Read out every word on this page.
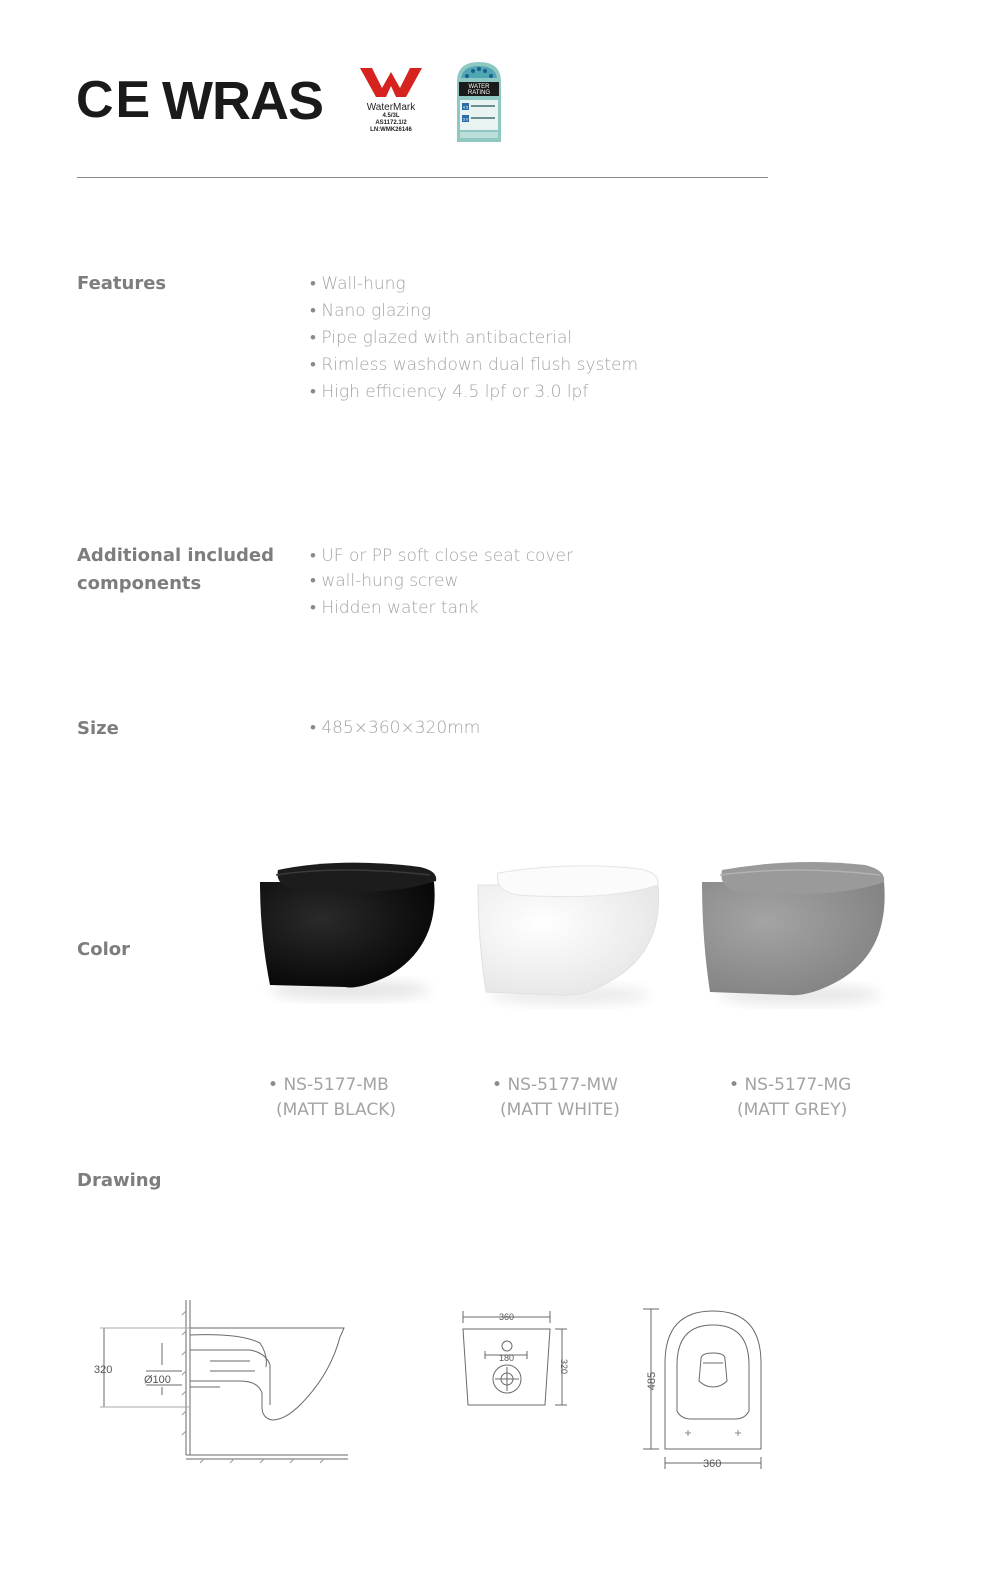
CE WRAS	WaterMark
4.5/3L
AS1172.1/2
LN:WMK26146
4.5
3.0
WATER
RATING
Features	• Wall-hung
• Nano glazing
• Pipe glazed with antibacterial
• Rimless washdown dual flush system
• High efficiency 4.5 lpf or 3.0 lpf
Additional included
components
• UF or PP soft close seat cover
• wall-hung screw
• Hidden water tank
Size	• 485×360×320mm
Color
• NS-5177-MB
(MATT BLACK)
• NS-5177-MW
(MATT WHITE)
• NS-5177-MG
(MATT GREY)
Drawing
320
Ø100
360
180
320
485
360
